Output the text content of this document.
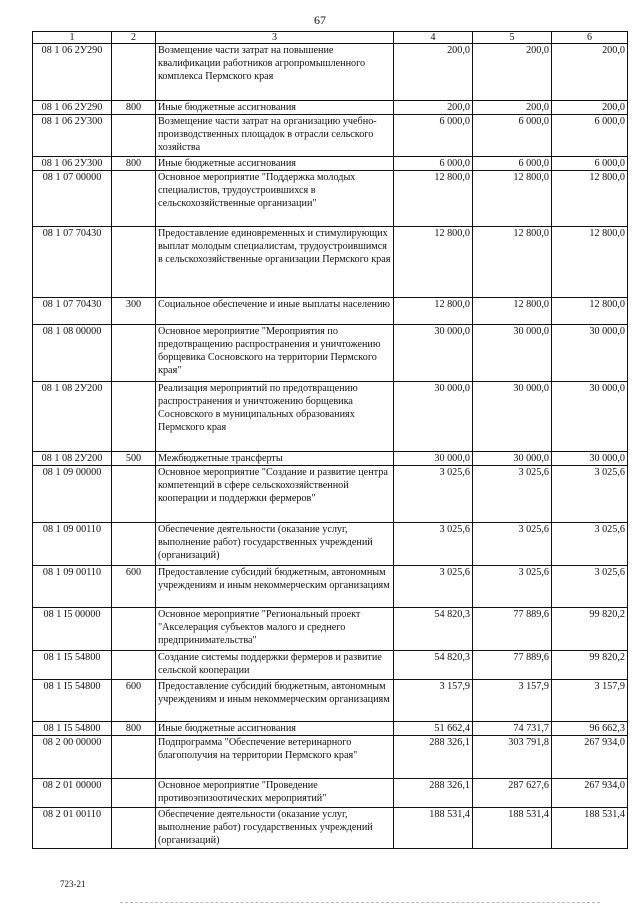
67
1	2	3	4	5	6
08 1 06 2У290		Возмещение части затрат на повышение квалификации работников агропромышленного комплекса Пермского края	200,0	200,0	200,0
08 1 06 2У290	800	Иные бюджетные ассигнования	200,0	200,0	200,0
08 1 06 2У300		Возмещение части затрат на организацию учебно-производственных площадок в отрасли сельского хозяйства	6 000,0	6 000,0	6 000,0
08 1 06 2У300	800	Иные бюджетные ассигнования	6 000,0	6 000,0	6 000,0
08 1 07 00000		Основное мероприятие "Поддержка молодых специалистов, трудоустроившихся в сельскохозяйственные организации"	12 800,0	12 800,0	12 800,0
08 1 07 70430		Предоставление единовременных и стимулирующих выплат молодым специалистам, трудоустроившимся в сельскохозяйственные организации Пермского края	12 800,0	12 800,0	12 800,0
08 1 07 70430	300	Социальное обеспечение и иные выплаты населению	12 800,0	12 800,0	12 800,0
08 1 08 00000		Основное мероприятие "Мероприятия по предотвращению распространения и уничтожению борщевика Сосновского на территории Пермского края"	30 000,0	30 000,0	30 000,0
08 1 08 2У200		Реализация мероприятий по предотвращению распространения и уничтожению борщевика Сосновского в муниципальных образованиях Пермского края	30 000,0	30 000,0	30 000,0
08 1 08 2У200	500	Межбюджетные трансферты	30 000,0	30 000,0	30 000,0
08 1 09 00000		Основное мероприятие "Создание и развитие центра компетенций в сфере сельскохозяйственной кооперации и поддержки фермеров"	3 025,6	3 025,6	3 025,6
08 1 09 00110		Обеспечение деятельности (оказание услуг, выполнение работ) государственных учреждений (организаций)	3 025,6	3 025,6	3 025,6
08 1 09 00110	600	Предоставление субсидий бюджетным, автономным учреждениям и иным некоммерческим организациям	3 025,6	3 025,6	3 025,6
08 1 I5 00000		Основное мероприятие "Региональный проект "Акселерация субъектов малого и среднего предпринимательства"	54 820,3	77 889,6	99 820,2
08 1 I5 54800		Создание системы поддержки фермеров и развитие сельской кооперации	54 820,3	77 889,6	99 820,2
08 1 I5 54800	600	Предоставление субсидий бюджетным, автономным учреждениям и иным некоммерческим организациям	3 157,9	3 157,9	3 157,9
08 1 I5 54800	800	Иные бюджетные ассигнования	51 662,4	74 731,7	96 662,3
08 2 00 00000		Подпрограмма "Обеспечение ветеринарного благополучия на территории Пермского края"	288 326,1	303 791,8	267 934,0
08 2 01 00000		Основное мероприятие "Проведение противоэпизоотических мероприятий"	288 326,1	287 627,6	267 934,0
08 2 01 00110		Обеспечение деятельности (оказание услуг, выполнение работ) государственных учреждений (организаций)	188 531,4	188 531,4	188 531,4
723-21
